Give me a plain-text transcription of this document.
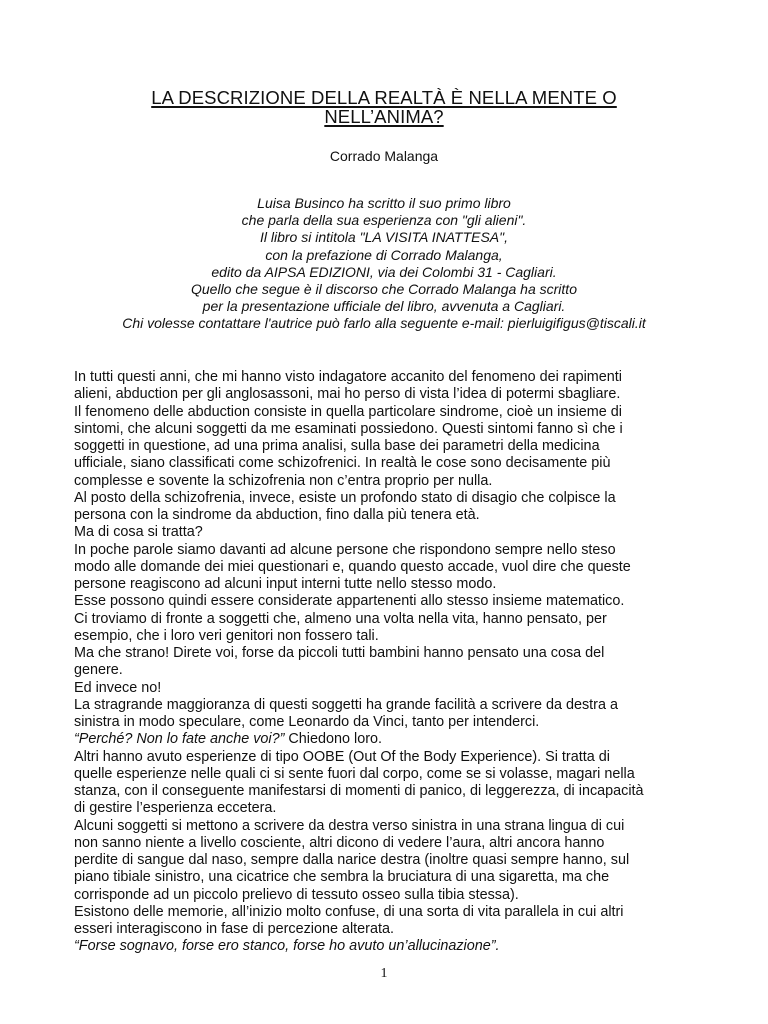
LA DESCRIZIONE DELLA REALTÀ È NELLA MENTE O
NELL’ANIMA?
Corrado Malanga
Luisa Businco ha scritto il suo primo libro
che parla della sua esperienza con "gli alieni".
Il libro si intitola "LA VISITA INATTESA",
con la prefazione di Corrado Malanga,
edito da AIPSA EDIZIONI, via dei Colombi 31 - Cagliari.
Quello che segue è il discorso che Corrado Malanga ha scritto
per la presentazione ufficiale del libro, avvenuta a Cagliari.
Chi volesse contattare l'autrice può farlo alla seguente e-mail: pierluigifigus@tiscali.it
In tutti questi anni, che mi hanno visto indagatore accanito del fenomeno dei rapimenti
alieni, abduction per gli anglosassoni, mai ho perso di vista l’idea di potermi sbagliare.
Il fenomeno delle abduction consiste in quella particolare sindrome, cioè un insieme di
sintomi, che alcuni soggetti da me esaminati possiedono. Questi sintomi fanno sì che i
soggetti in questione, ad una prima analisi, sulla base dei parametri della medicina
ufficiale, siano classificati come schizofrenici. In realtà le cose sono decisamente più
complesse e sovente la schizofrenia non c’entra proprio per nulla.
Al posto della schizofrenia, invece, esiste un profondo stato di disagio che colpisce la
persona con la sindrome da abduction, fino dalla più tenera età.
Ma di cosa si tratta?
In poche parole siamo davanti ad alcune persone che rispondono sempre nello steso
modo alle domande dei miei questionari e, quando questo accade, vuol dire che queste
persone reagiscono ad alcuni input interni tutte nello stesso modo.
Esse possono quindi essere considerate appartenenti allo stesso insieme matematico.
Ci troviamo di fronte a soggetti che, almeno una volta nella vita, hanno pensato, per
esempio, che i loro veri genitori non fossero tali.
Ma che strano! Direte voi, forse da piccoli tutti bambini hanno pensato una cosa del
genere.
Ed invece no!
La stragrande maggioranza di questi soggetti ha grande facilità a scrivere da destra a
sinistra in modo speculare, come Leonardo da Vinci, tanto per intenderci.
“Perché? Non lo fate anche voi?” Chiedono loro.
Altri hanno avuto esperienze di tipo OOBE (Out Of the Body Experience). Si tratta di
quelle esperienze nelle quali ci si sente fuori dal corpo, come se si volasse, magari nella
stanza, con il conseguente manifestarsi di momenti di panico, di leggerezza, di incapacità
di gestire l’esperienza eccetera.
Alcuni soggetti si mettono a scrivere da destra verso sinistra in una strana lingua di cui
non sanno niente a livello cosciente, altri dicono di vedere l’aura, altri ancora hanno
perdite di sangue dal naso, sempre dalla narice destra (inoltre quasi sempre hanno, sul
piano tibiale sinistro, una cicatrice che sembra la bruciatura di una sigaretta, ma che
corrisponde ad un piccolo prelievo di tessuto osseo sulla tibia stessa).
Esistono delle memorie, all’inizio molto confuse, di una sorta di vita parallela in cui altri
esseri interagiscono in fase di percezione alterata.
“Forse sognavo, forse ero stanco, forse ho avuto un’allucinazione”.
1
